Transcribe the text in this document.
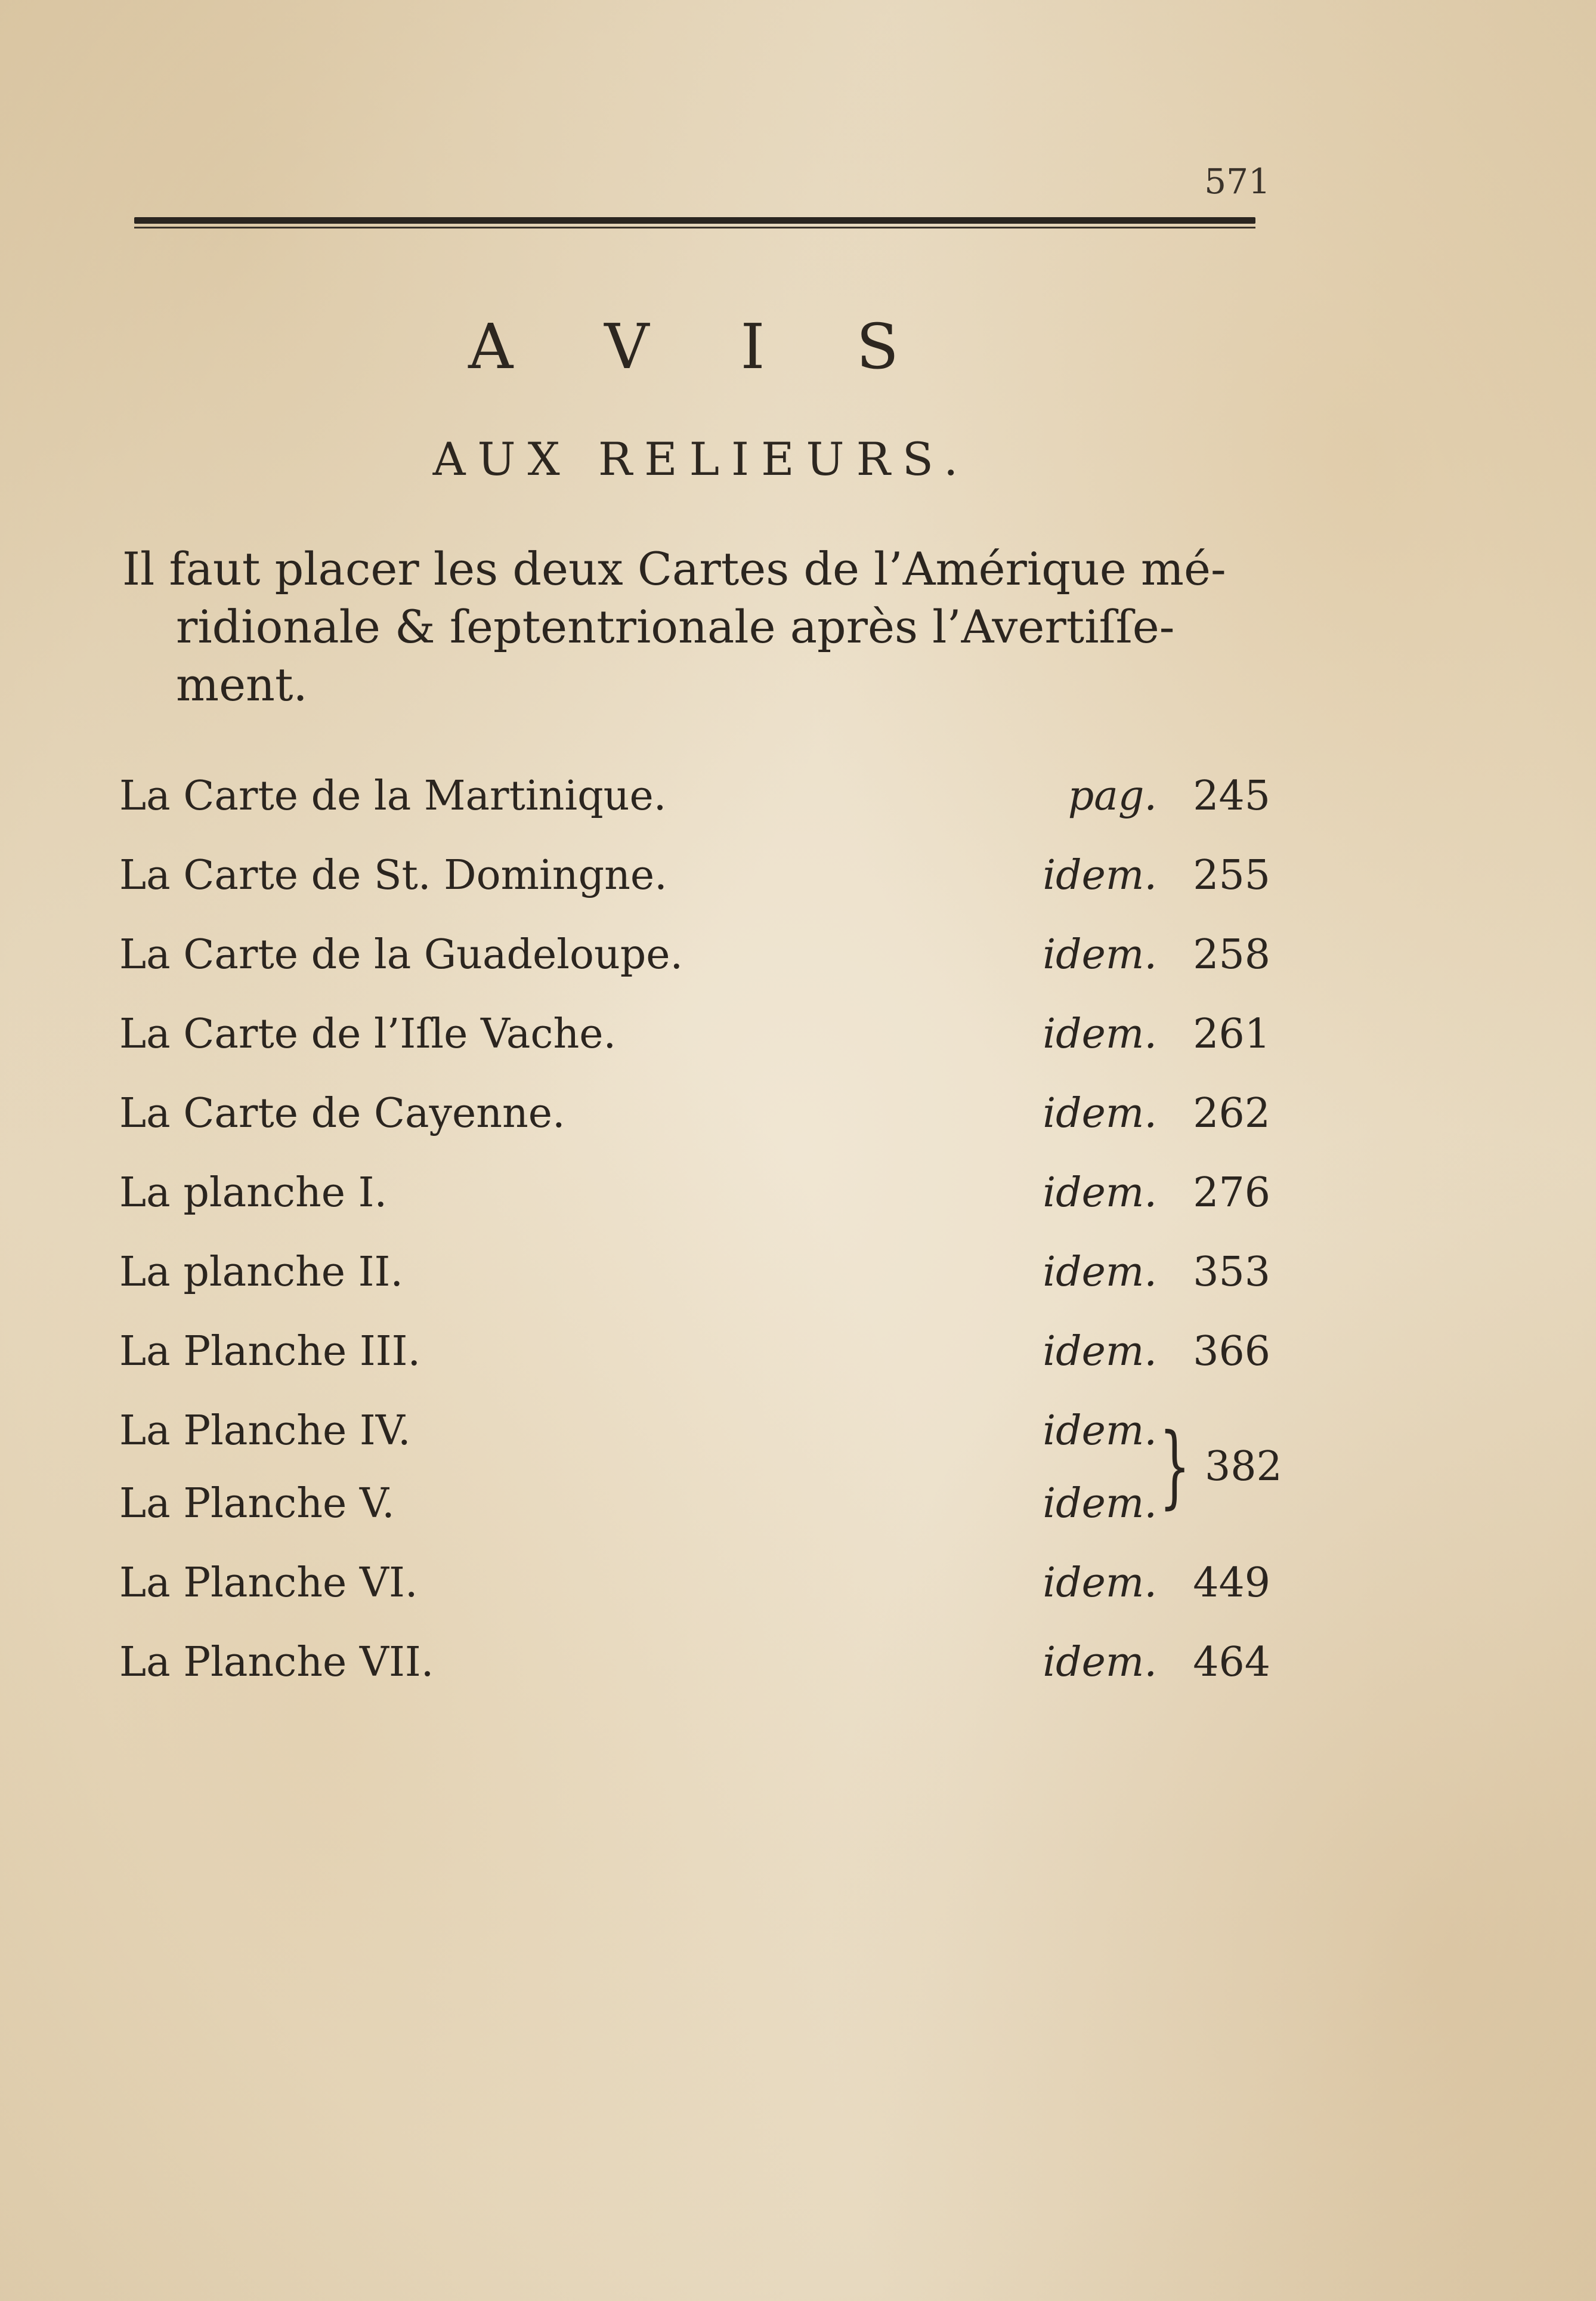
571
A V I S
AUX RELIEURS.
Il faut placer les deux Cartes de l’Amérique mé-
ridionale & ſeptentrionale après l’Avertiſſe-
ment.
La Carte de la Martinique.	pag. 245
La Carte de St. Domingne.	idem. 255
La Carte de la Guadeloupe.	idem. 258
La Carte de l’Iſle Vache.	idem. 261
La Carte de Cayenne.	idem. 262
La planche I.	idem. 276
La planche II.	idem. 353
La Planche III.	idem. 366
La Planche IV.	idem.
La Planche V.	idem. } 382
La Planche VI.	idem. 449
La Planche VII.	idem. 464
